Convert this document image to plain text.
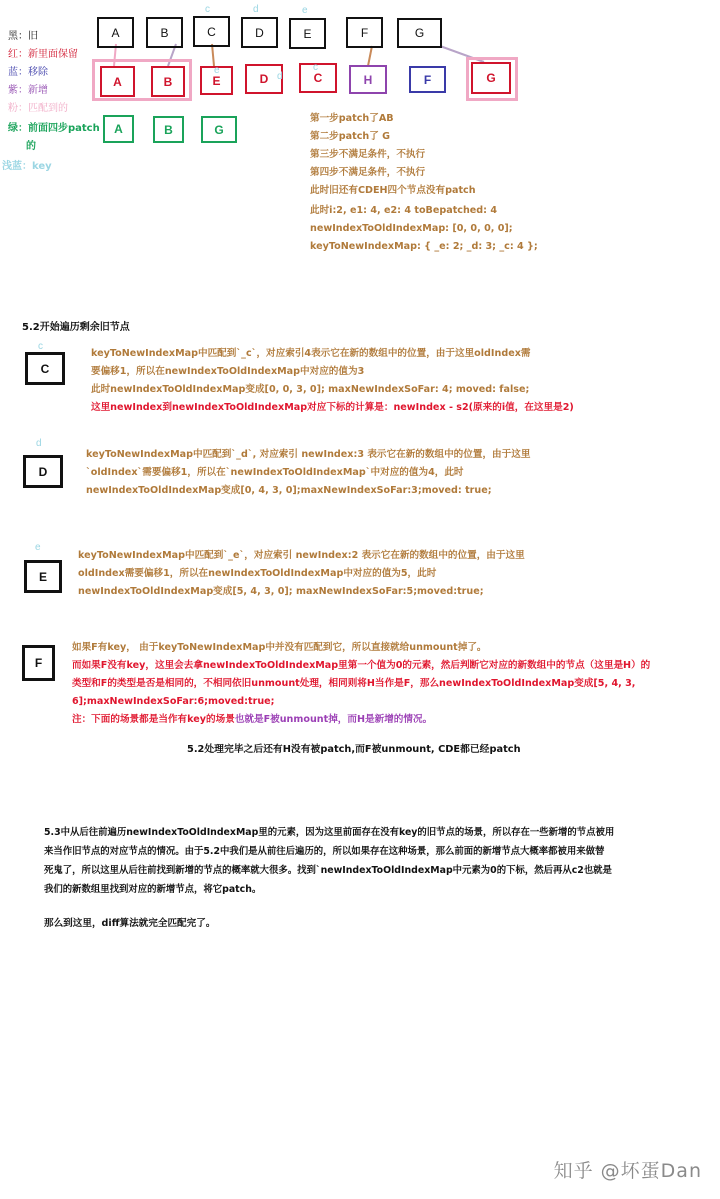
黑：旧
红：新里面保留
蓝：移除
紫：新增
粉：匹配到的
绿：前面四步patch
的
浅蓝：key
A	B	C	D	E	F	G
c	d	e
A	B	E	D	C	H	F	G
e
d
c
A	B	G

第一步patch了AB

第二步patch了 G

第三步不满足条件，不执行

第四步不满足条件，不执行

此时旧还有CDEH四个节点没有patch

此时i:2, e1: 4, e2: 4 toBepatched: 4

newIndexToOldIndexMap: [0, 0, 0, 0];

keyToNewIndexMap: { _e: 2; _d: 3; _c: 4 };

5.2开始遍历剩余旧节点
c
C

keyToNewIndexMap中匹配到`_c`，对应索引4表示它在新的数组中的位置，由于这里oldIndex需

要偏移1，所以在newIndexToOldIndexMap中对应的值为3

此时newIndexToOldIndexMap变成[0, 0, 3, 0]; maxNewIndexSoFar: 4; moved: false;

这里newIndex到newIndexToOldIndexMap对应下标的计算是：newIndex - s2(原来的i值，在这里是2)

d
D

keyToNewIndexMap中匹配到`_d`, 对应索引 newIndex:3 表示它在新的数组中的位置，由于这里

`oldIndex`需要偏移1，所以在`newIndexToOldIndexMap`中对应的值为4，此时

newIndexToOldIndexMap变成[0, 4, 3, 0];maxNewIndexSoFar:3;moved: true;

e
E

keyToNewIndexMap中匹配到`_e`，对应索引 newIndex:2 表示它在新的数组中的位置，由于这里

oldIndex需要偏移1，所以在newIndexToOldIndexMap中对应的值为5，此时

newIndexToOldIndexMap变成[5, 4, 3, 0]; maxNewIndexSoFar:5;moved:true;

F

如果F有key， 由于keyToNewIndexMap中并没有匹配到它，所以直接就给unmount掉了。

而如果F没有key，这里会去拿newIndexToOldIndexMap里第一个值为0的元素，然后判断它对应的新数组中的节点（这里是H）的

类型和F的类型是否是相同的，不相同依旧unmount处理，相同则将H当作是F，那么newIndexToOldIndexMap变成[5, 4, 3,

6];maxNewIndexSoFar:6;moved:true;

注：下面的场景都是当作有key的场景也就是F被unmount掉，而H是新增的情况。

5.2处理完毕之后还有H没有被patch,而F被unmount, CDE都已经patch

5.3中从后往前遍历newIndexToOldIndexMap里的元素，因为这里前面存在没有key的旧节点的场景，所以存在一些新增的节点被用

来当作旧节点的对应节点的情况。由于5.2中我们是从前往后遍历的，所以如果存在这种场景，那么前面的新增节点大概率都被用来做替

死鬼了，所以这里从后往前找到新增的节点的概率就大很多。找到`newIndexToOldIndexMap中元素为0的下标，然后再从c2也就是

我们的新数组里找到对应的新增节点，将它patch。

那么到这里，diff算法就完全匹配完了。
知乎 @坏蛋Dan
